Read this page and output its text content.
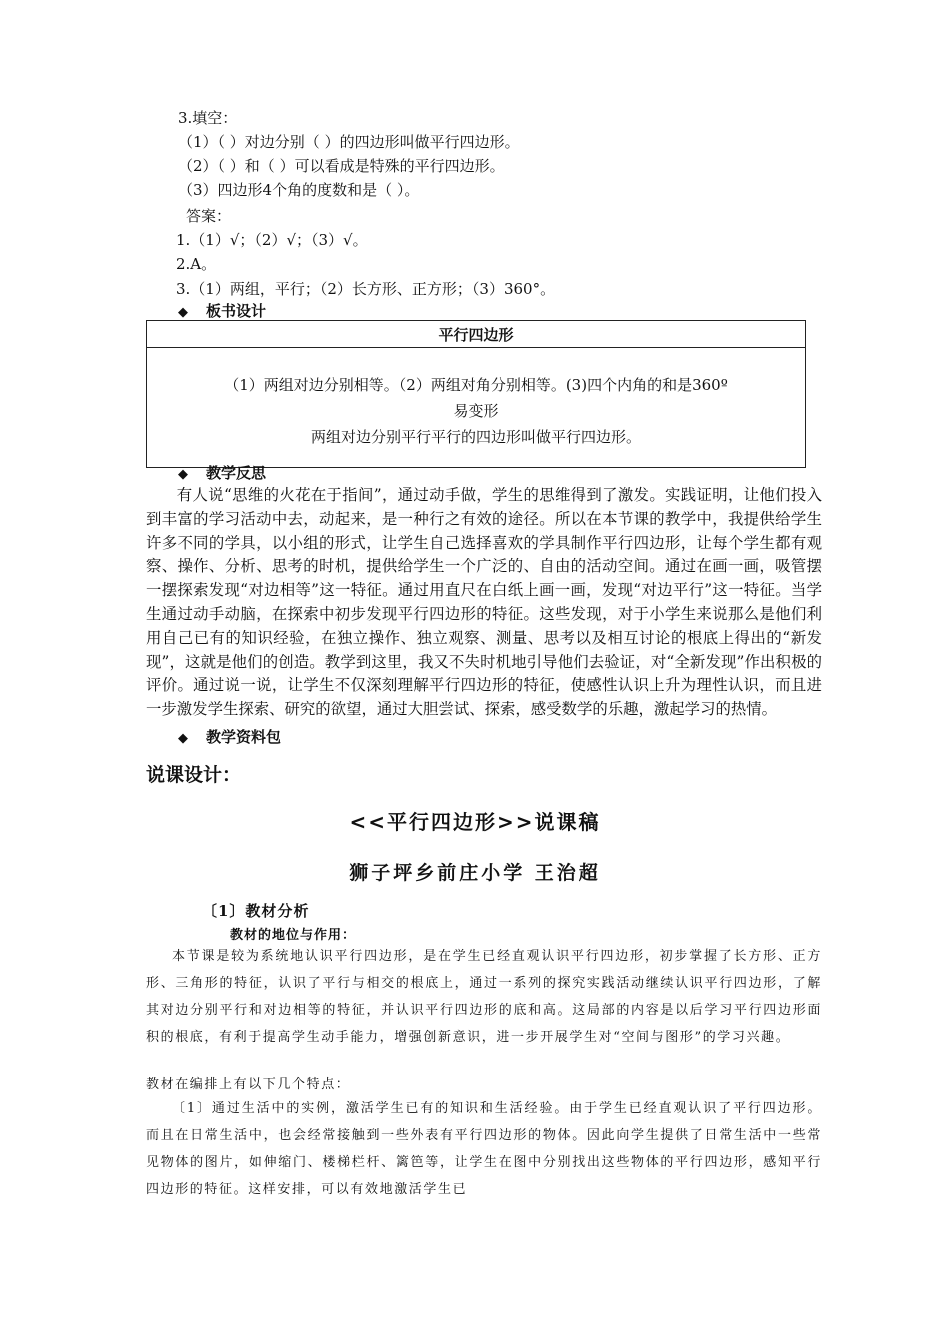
3.填空：
（1）（ ）对边分别（ ）的四边形叫做平行四边形。
（2）（ ）和（ ）可以看成是特殊的平行四边形。
（3）四边形4个角的度数和是（ ）。
答案：
1.（1）√；（2）√；（3）√。
2.A。
3.（1）两组，平行；（2）长方形、正方形；（3）360°。
◆ 板书设计
平行四边形

（1）两组对边分别相等。（2）两组对角分别相等。(3)四个内角的和是360º
易变形
两组对边分别平行平行的四边形叫做平行四边形。
◆ 教学反思
有人说“思维的火花在于指间”，通过动手做，学生的思维得到了激发。实践证明，让他们投入到丰富的学习活动中去，动起来，是一种行之有效的途径。所以在本节课的教学中，我提供给学生许多不同的学具，以小组的形式，让学生自己选择喜欢的学具制作平行四边形，让每个学生都有观察、操作、分析、思考的时机，提供给学生一个广泛的、自由的活动空间。通过在画一画，吸管摆一摆探索发现“对边相等”这一特征。通过用直尺在白纸上画一画，发现“对边平行”这一特征。当学生通过动手动脑，在探索中初步发现平行四边形的特征。这些发现，对于小学生来说那么是他们利用自己已有的知识经验，在独立操作、独立观察、测量、思考以及相互讨论的根底上得出的“新发现”，这就是他们的创造。教学到这里，我又不失时机地引导他们去验证，对“全新发现”作出积极的评价。通过说一说，让学生不仅深刻理解平行四边形的特征，使感性认识上升为理性认识，而且进一步激发学生探索、研究的欲望，通过大胆尝试、探索，感受数学的乐趣，激起学习的热情。
◆ 教学资料包
说课设计：
<<平行四边形>>说课稿
狮子坪乡前庄小学 王治超
〔1〕教材分析
教材的地位与作用：
本节课是较为系统地认识平行四边形，是在学生已经直观认识平行四边形，初步掌握了长方形、正方形、三角形的特征，认识了平行与相交的根底上，通过一系列的探究实践活动继续认识平行四边形，了解其对边分别平行和对边相等的特征，并认识平行四边形的底和高。这局部的内容是以后学习平行四边形面积的根底，有利于提高学生动手能力，增强创新意识，进一步开展学生对“空间与图形”的学习兴趣。
教材在编排上有以下几个特点：
〔1〕通过生活中的实例，激活学生已有的知识和生活经验。由于学生已经直观认识了平行四边形。而且在日常生活中，也会经常接触到一些外表有平行四边形的物体。因此向学生提供了日常生活中一些常见物体的图片，如伸缩门、楼梯栏杆、篱笆等，让学生在图中分别找出这些物体的平行四边形，感知平行四边形的特征。这样安排，可以有效地激活学生已
